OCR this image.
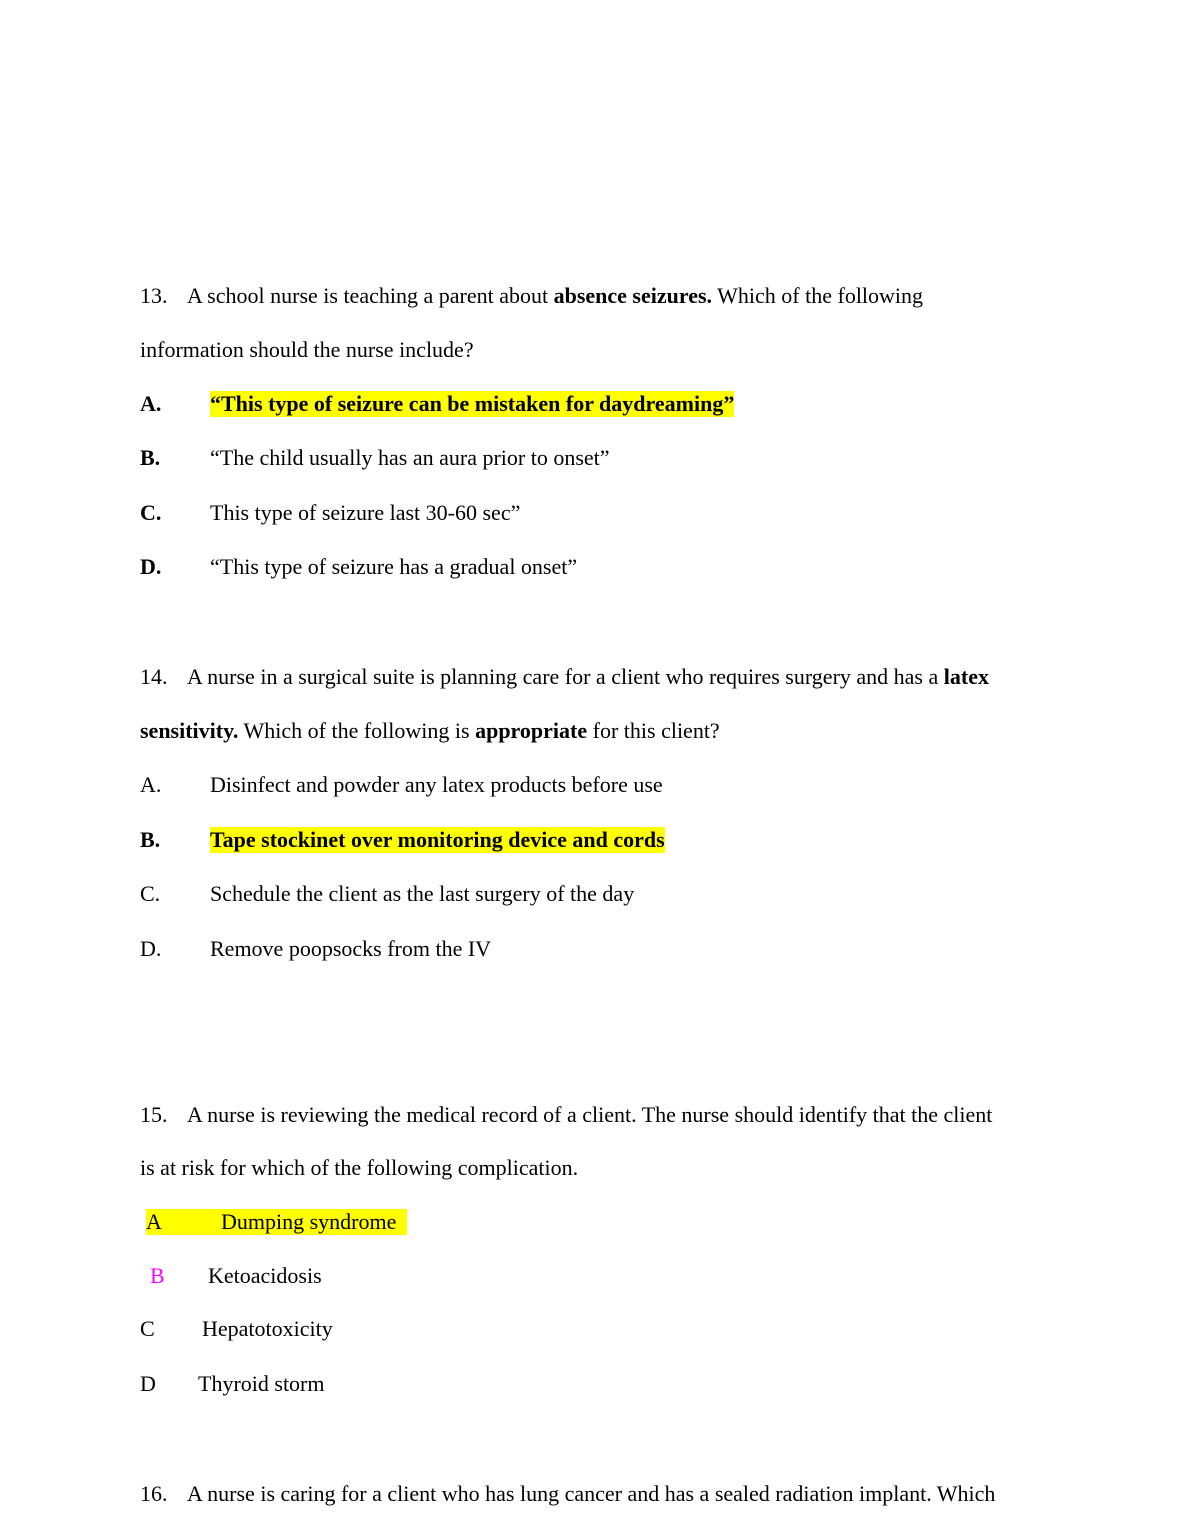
13. A school nurse is teaching a parent about absence seizures. Which of the following
information should the nurse include?
A. “This type of seizure can be mistaken for daydreaming”
B. “The child usually has an aura prior to onset”
C. This type of seizure last 30-60 sec”
D. “This type of seizure has a gradual onset”
14. A nurse in a surgical suite is planning care for a client who requires surgery and has a latex
sensitivity. Which of the following is appropriate for this client?
A. Disinfect and powder any latex products before use
B. Tape stockinet over monitoring device and cords
C. Schedule the client as the last surgery of the day
D. Remove poopsocks from the IV
15. A nurse is reviewing the medical record of a client. The nurse should identify that the client
is at risk for which of the following complication.
A	Dumping syndrome
B Ketoacidosis
C Hepatotoxicity
D Thyroid storm
16. A nurse is caring for a client who has lung cancer and has a sealed radiation implant. Which
